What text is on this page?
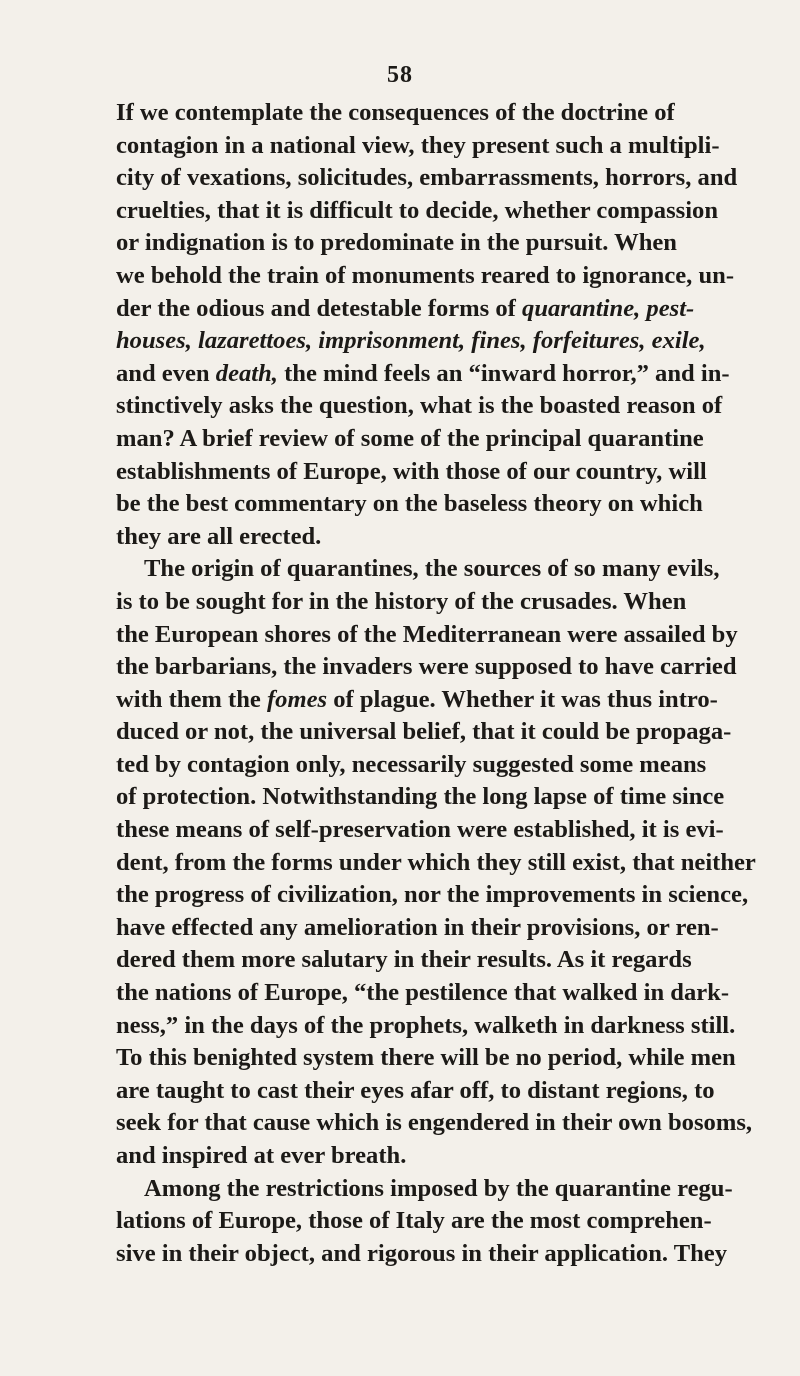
58
If we contemplate the consequences of the doctrine of
contagion in a national view, they present such a multipli-
city of vexations, solicitudes, embarrassments, horrors, and
cruelties, that it is difficult to decide, whether compassion
or indignation is to predominate in the pursuit. When
we behold the train of monuments reared to ignorance, un-
der the odious and detestable forms of quarantine, pest-
houses, lazarettoes, imprisonment, fines, forfeitures, exile,
and even death, the mind feels an “inward horror,” and in-
stinctively asks the question, what is the boasted reason of
man? A brief review of some of the principal quarantine
establishments of Europe, with those of our country, will
be the best commentary on the baseless theory on which
they are all erected.
The origin of quarantines, the sources of so many evils,
is to be sought for in the history of the crusades. When
the European shores of the Mediterranean were assailed by
the barbarians, the invaders were supposed to have carried
with them the fomes of plague. Whether it was thus intro-
duced or not, the universal belief, that it could be propaga-
ted by contagion only, necessarily suggested some means
of protection. Notwithstanding the long lapse of time since
these means of self-preservation were established, it is evi-
dent, from the forms under which they still exist, that neither
the progress of civilization, nor the improvements in science,
have effected any amelioration in their provisions, or ren-
dered them more salutary in their results. As it regards
the nations of Europe, “the pestilence that walked in dark-
ness,” in the days of the prophets, walketh in darkness still.
To this benighted system there will be no period, while men
are taught to cast their eyes afar off, to distant regions, to
seek for that cause which is engendered in their own bosoms,
and inspired at ever breath.
Among the restrictions imposed by the quarantine regu-
lations of Europe, those of Italy are the most comprehen-
sive in their object, and rigorous in their application. They
